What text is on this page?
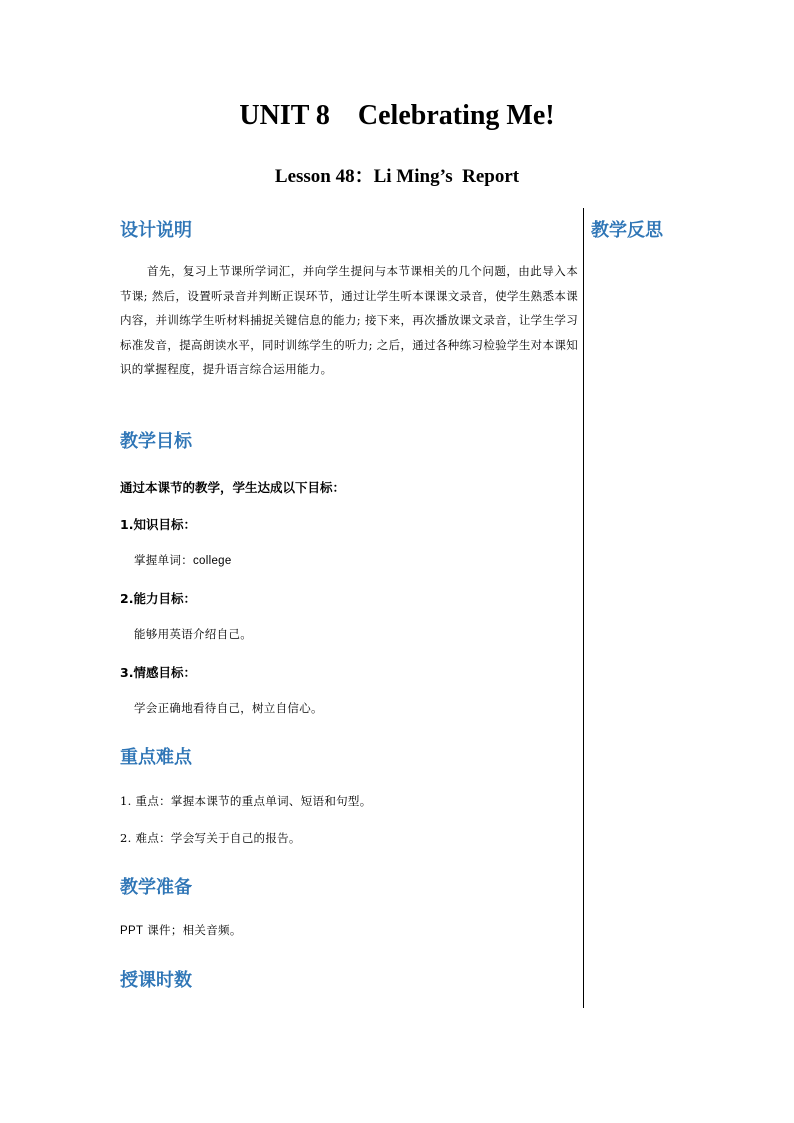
UNIT 8    Celebrating Me!
Lesson 48：Li Ming’s  Report
设计说明	教学反思
首先，复习上节课所学词汇，并向学生提问与本节课相关的几个问题，由此导入本节课; 然后，设置听录音并判断正误环节，通过让学生听本课课文录音，使学生熟悉本课内容，并训练学生听材料捕捉关键信息的能力; 接下来，再次播放课文录音，让学生学习标准发音，提高朗读水平，同时训练学生的听力; 之后，通过各种练习检验学生对本课知识的掌握程度，提升语言综合运用能力。
教学目标
通过本课节的教学，学生达成以下目标：
1.知识目标：
掌握单词：college
2.能力目标：
能够用英语介绍自己。
3.情感目标：
学会正确地看待自己，树立自信心。
重点难点
1. 重点：掌握本课节的重点单词、短语和句型。
2. 难点：学会写关于自己的报告。
教学准备
PPT 课件；相关音频。
授课时数
